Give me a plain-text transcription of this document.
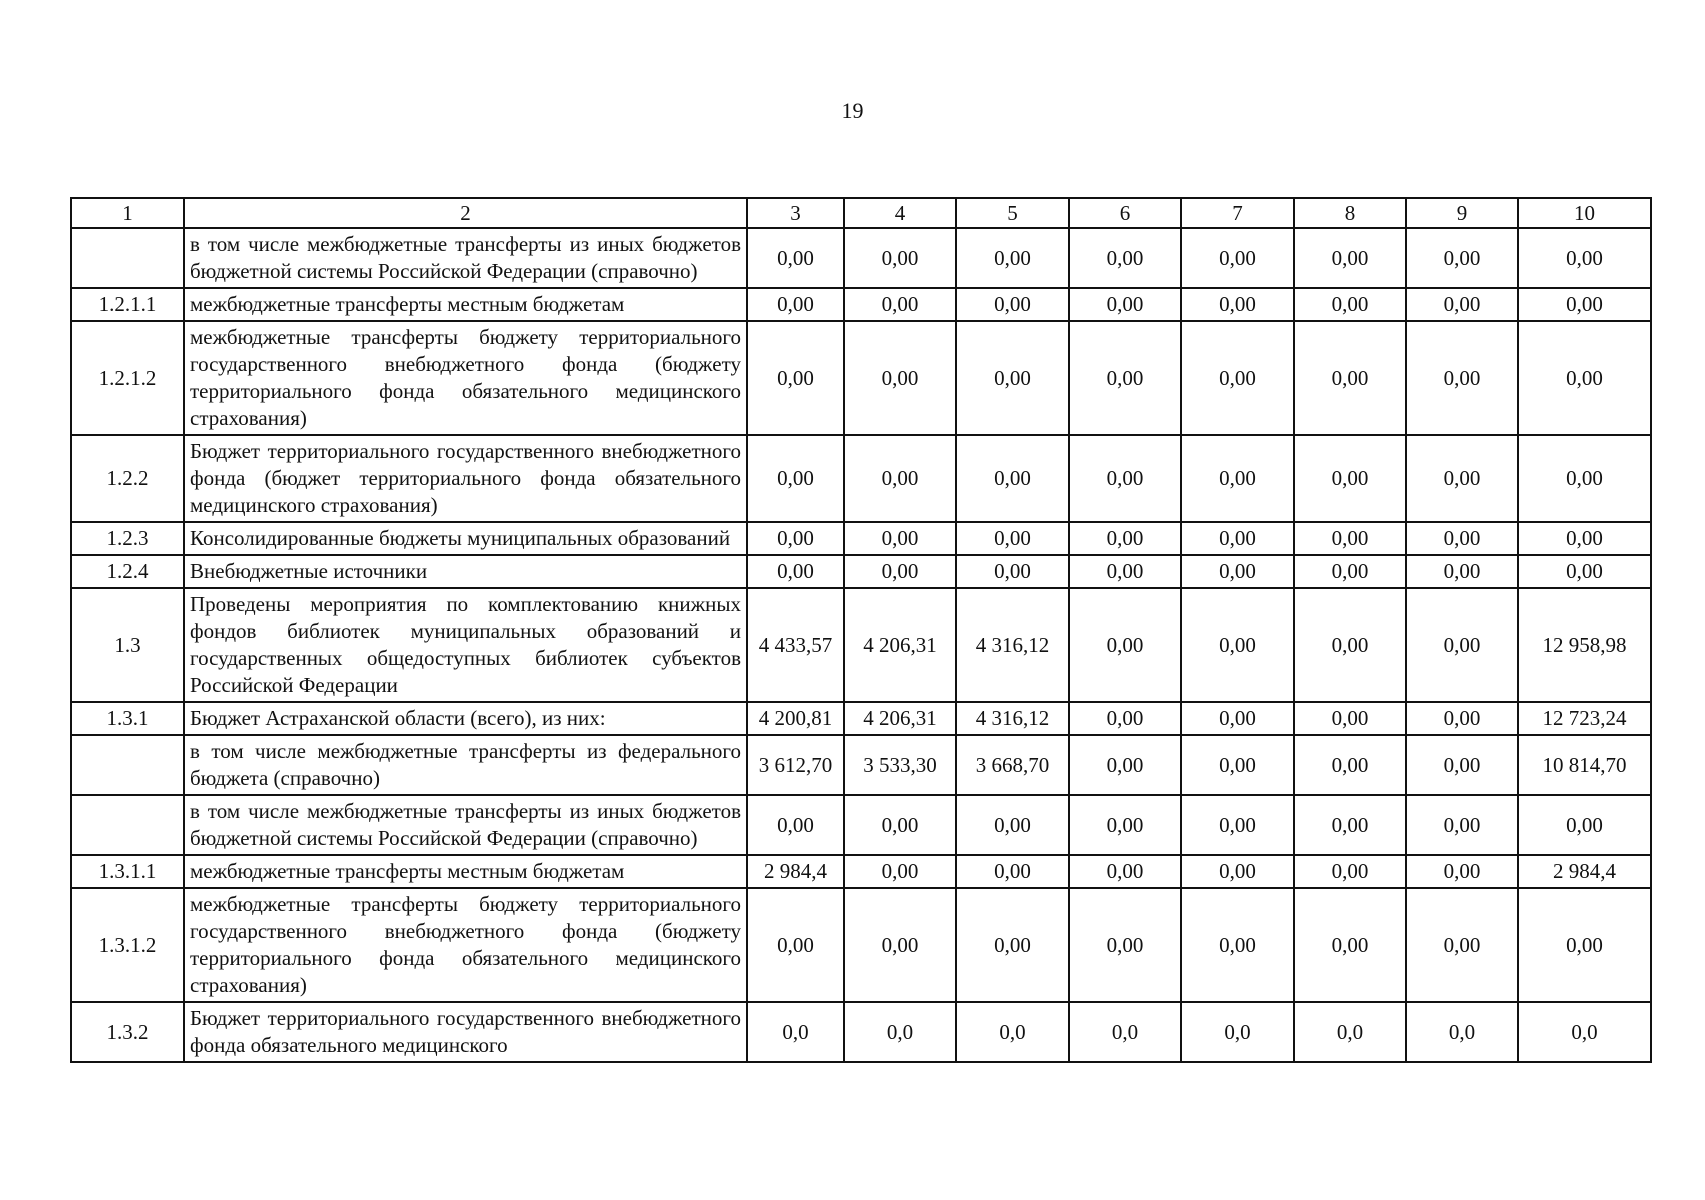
19
1	2	3	4	5	6	7	8	9	10
	в том числе межбюджетные трансферты из иных бюджетов бюджетной системы Российской Федерации (справочно)	0,00	0,00	0,00	0,00	0,00	0,00	0,00	0,00
1.2.1.1	межбюджетные трансферты местным бюджетам	0,00	0,00	0,00	0,00	0,00	0,00	0,00	0,00
1.2.1.2	межбюджетные трансферты бюджету территориального государственного внебюджетного фонда (бюджету территориального фонда обязательного медицинского страхования)	0,00	0,00	0,00	0,00	0,00	0,00	0,00	0,00
1.2.2	Бюджет территориального государственного внебюджетного фонда (бюджет территориального фонда обязательного медицинского страхования)	0,00	0,00	0,00	0,00	0,00	0,00	0,00	0,00
1.2.3	Консолидированные бюджеты муниципальных образований	0,00	0,00	0,00	0,00	0,00	0,00	0,00	0,00
1.2.4	Внебюджетные источники	0,00	0,00	0,00	0,00	0,00	0,00	0,00	0,00
1.3	Проведены мероприятия по комплектованию книжных фондов библиотек муниципальных образований и государственных общедоступных библиотек субъектов Российской Федерации	4 433,57	4 206,31	4 316,12	0,00	0,00	0,00	0,00	12 958,98
1.3.1	Бюджет Астраханской области (всего), из них:	4 200,81	4 206,31	4 316,12	0,00	0,00	0,00	0,00	12 723,24
	в том числе межбюджетные трансферты из федерального бюджета (справочно)	3 612,70	3 533,30	3 668,70	0,00	0,00	0,00	0,00	10 814,70
	в том числе межбюджетные трансферты из иных бюджетов бюджетной системы Российской Федерации (справочно)	0,00	0,00	0,00	0,00	0,00	0,00	0,00	0,00
1.3.1.1	межбюджетные трансферты местным бюджетам	2 984,4	0,00	0,00	0,00	0,00	0,00	0,00	2 984,4
1.3.1.2	межбюджетные трансферты бюджету территориального государственного внебюджетного фонда (бюджету территориального фонда обязательного медицинского страхования)	0,00	0,00	0,00	0,00	0,00	0,00	0,00	0,00
1.3.2	Бюджет территориального государственного внебюджетного фонда обязательного медицинского	0,0	0,0	0,0	0,0	0,0	0,0	0,0	0,0
